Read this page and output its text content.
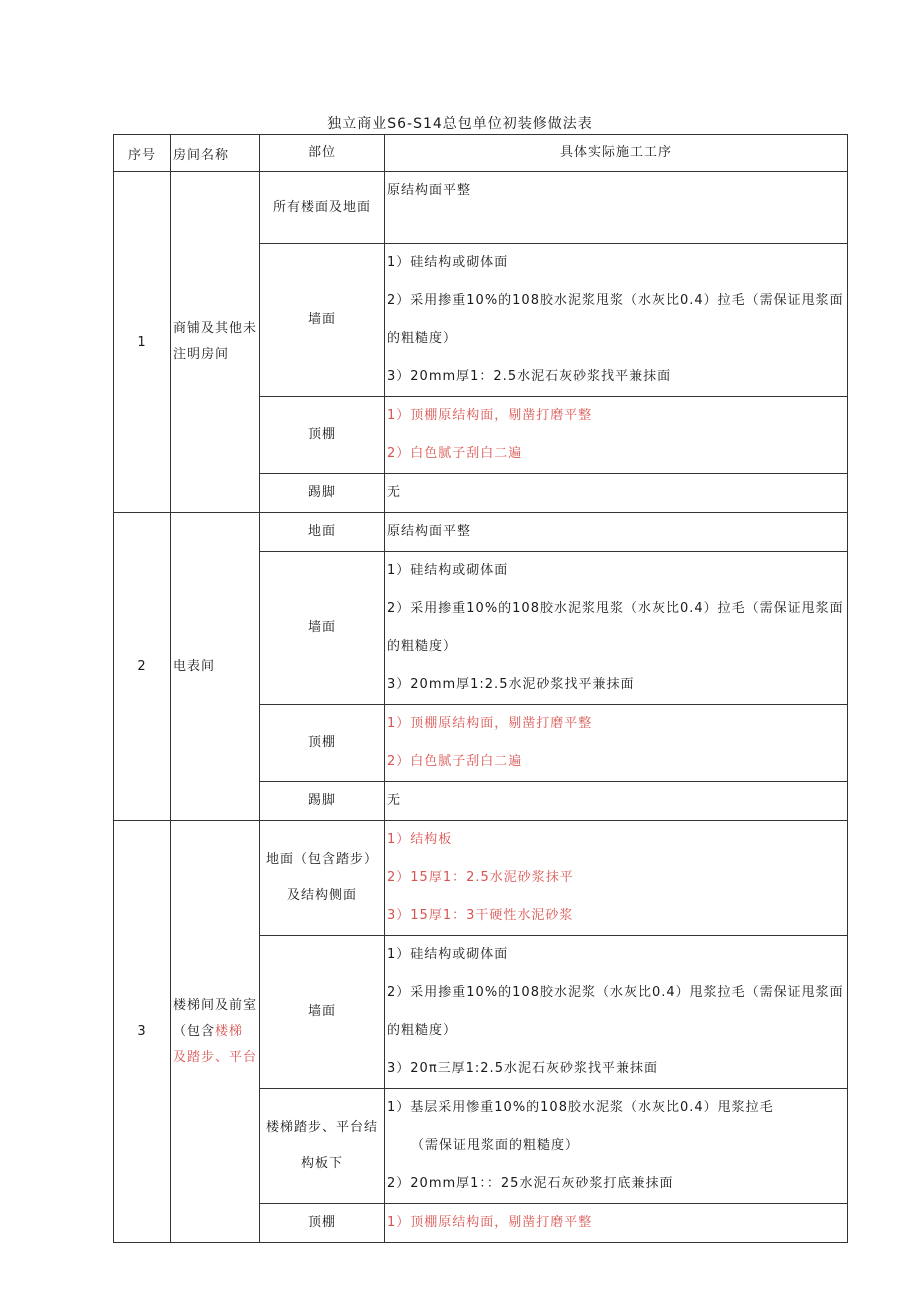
独立商业S6-S14总包单位初装修做法表
序号	房间名称	部位	具体实际施工工序
1	商铺及其他未注明房间	所有楼面及地面	原结构面平整

		墙面	1）硅结构或砌体面
2）采用掺重10%的108胶水泥浆甩浆（水灰比0.4）拉毛（需保证甩浆面的粗糙度）
3）20mm厚1：2.5水泥石灰砂浆找平兼抹面

		顶棚	1）顶棚原结构面，剔凿打磨平整
2）白色腻子刮白二遍

		踢脚	无

2	电表间	地面	原结构面平整

		墙面	1）硅结构或砌体面
2）采用掺重10%的108胶水泥浆甩浆（水灰比0.4）拉毛（需保证甩浆面的粗糙度）
3）20mm厚1:2.5水泥砂浆找平兼抹面

		顶棚	1）顶棚原结构面，剔凿打磨平整
2）白色腻子刮白二遍

		踢脚	无

3	楼梯间及前室（包含楼梯及踏步、平台	地面（包含踏步）及结构侧面	1）结构板
2）15厚1：2.5水泥砂浆抹平
3）15厚1：3干硬性水泥砂浆

		墙面	1）硅结构或砌体面
2）采用掺重10%的108胶水泥浆（水灰比0.4）甩浆拉毛（需保证甩浆面的粗糙度）
3）20π三厚1:2.5水泥石灰砂浆找平兼抹面

		楼梯踏步、平台结构板下	1）基层采用惨重10%的108胶水泥浆（水灰比0.4）甩浆拉毛
（需保证甩浆面的粗糙度）
2）20mm厚1：：25水泥石灰砂浆打底兼抹面

		顶棚	1）顶棚原结构面，剔凿打磨平整
